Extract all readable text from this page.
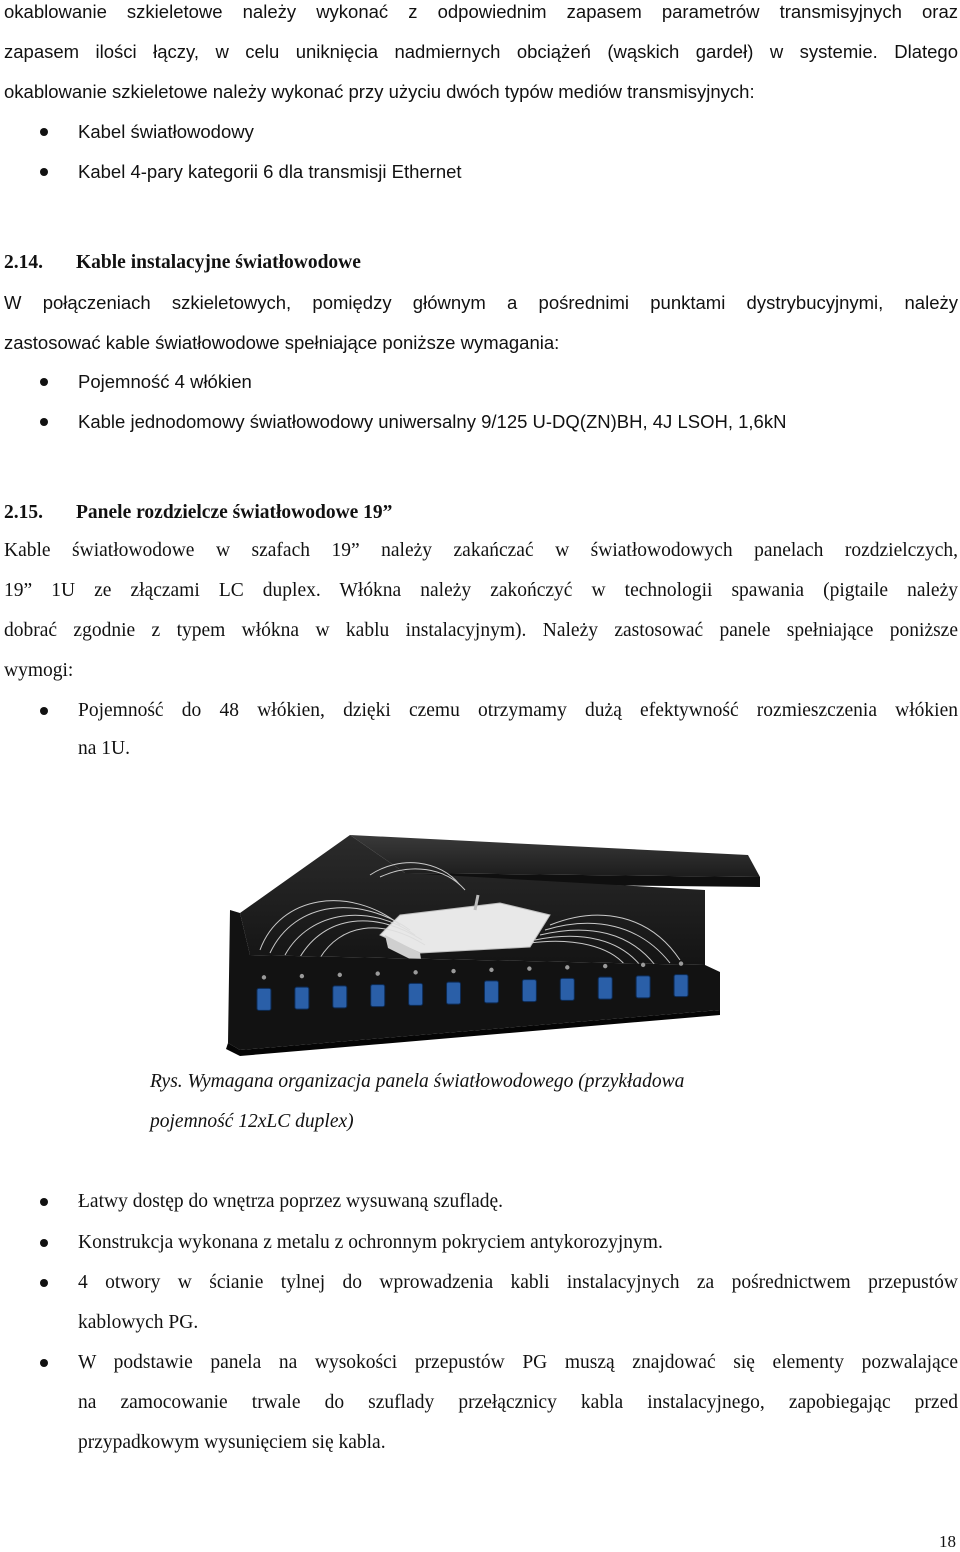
okablowanie szkieletowe należy wykonać z odpowiednim zapasem parametrów transmisyjnych oraz
zapasem ilości łączy, w celu uniknięcia nadmiernych obciążeń (wąskich gardeł) w systemie. Dlatego
okablowanie szkieletowe należy wykonać przy użyciu dwóch typów mediów transmisyjnych:
Kabel światłowodowy
Kabel 4-pary kategorii 6 dla transmisji Ethernet
2.14. Kable instalacyjne światłowodowe
W połączeniach szkieletowych, pomiędzy głównym a pośrednimi punktami dystrybucyjnymi, należy
zastosować kable światłowodowe spełniające poniższe wymagania:
Pojemność 4 włókien
Kable jednodomowy światłowodowy uniwersalny 9/125 U-DQ(ZN)BH, 4J LSOH, 1,6kN
2.15. Panele rozdzielcze światłowodowe 19”
Kable światłowodowe w szafach 19” należy zakańczać w światłowodowych panelach rozdzielczych,
19” 1U ze złączami LC duplex. Włókna należy zakończyć w technologii spawania (pigtaile należy
dobrać zgodnie z typem włókna w kablu instalacyjnym). Należy zastosować panele spełniające poniższe
wymogi:
Pojemność do 48 włókien, dzięki czemu otrzymamy dużą efektywność rozmieszczenia włókien
na 1U.
Rys. Wymagana organizacja panela światłowodowego (przykładowa
pojemność 12xLC duplex)
Łatwy dostęp do wnętrza poprzez wysuwaną szufladę.
Konstrukcja wykonana z metalu z ochronnym pokryciem antykorozyjnym.
4 otwory w ścianie tylnej do wprowadzenia kabli instalacyjnych za pośrednictwem przepustów
kablowych PG.
W podstawie panela na wysokości przepustów PG muszą znajdować się elementy pozwalające
na zamocowanie trwale do szuflady przełącznicy kabla instalacyjnego, zapobiegając przed
przypadkowym wysunięciem się kabla.
18
